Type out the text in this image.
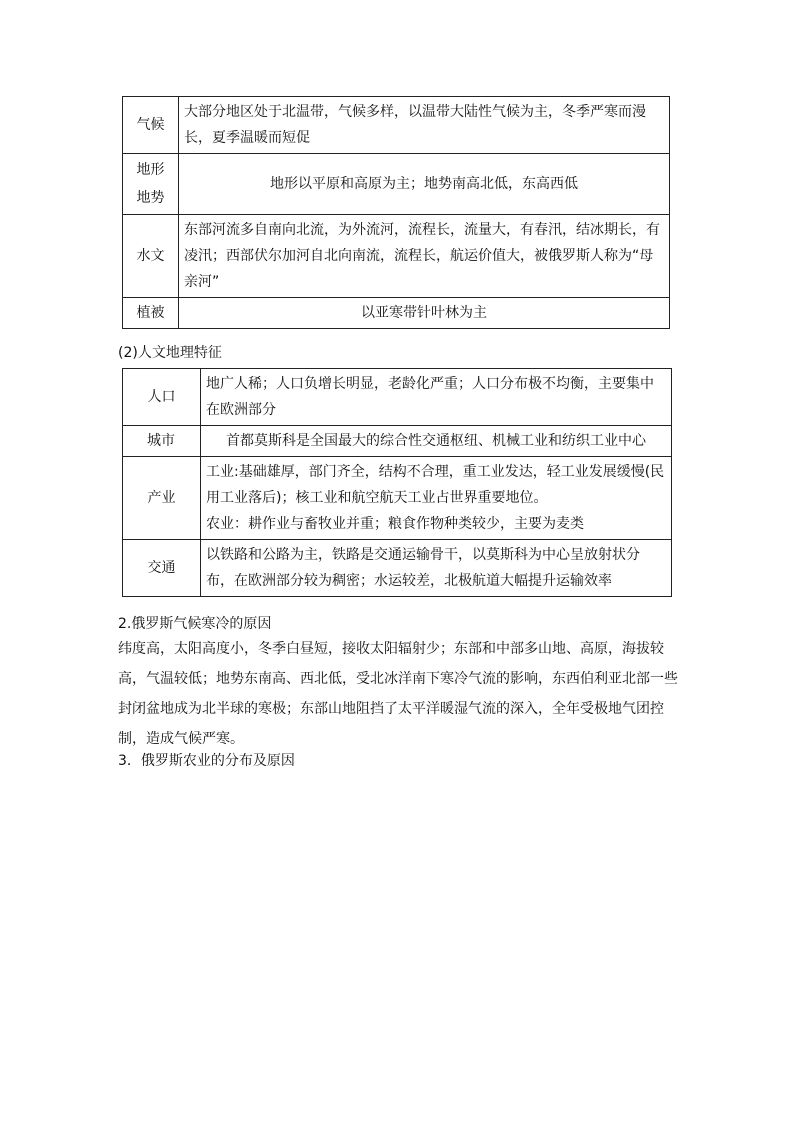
气候	大部分地区处于北温带，气候多样，以温带大陆性气候为主，冬季严寒而漫长，夏季温暖而短促
地形地势	地形以平原和高原为主；地势南高北低，东高西低
水文	东部河流多自南向北流，为外流河，流程长，流量大，有春汛，结冰期长，有凌汛；西部伏尔加河自北向南流，流程长，航运价值大，被俄罗斯人称为“母亲河”
植被	以亚寒带针叶林为主
(2)人文地理特征
人口	地广人稀；人口负增长明显，老龄化严重；人口分布极不均衡，主要集中在欧洲部分
城市	首都莫斯科是全国最大的综合性交通枢纽、机械工业和纺织工业中心
产业	工业:基础雄厚，部门齐全，结构不合理，重工业发达，轻工业发展缓慢(民用工业落后)；核工业和航空航天工业占世界重要地位。
农业：耕作业与畜牧业并重；粮食作物种类较少，主要为麦类

交通	以铁路和公路为主，铁路是交通运输骨干，以莫斯科为中心呈放射状分布，在欧洲部分较为稠密；水运较差，北极航道大幅提升运输效率
2.俄罗斯气候寒冷的原因
纬度高，太阳高度小，冬季白昼短，接收太阳辐射少；东部和中部多山地、高原，海拔较高，气温较低；地势东南高、西北低，受北冰洋南下寒冷气流的影响，东西伯利亚北部一些封闭盆地成为北半球的寒极；东部山地阻挡了太平洋暖湿气流的深入，全年受极地气团控制，造成气候严寒。
3．俄罗斯农业的分布及原因
